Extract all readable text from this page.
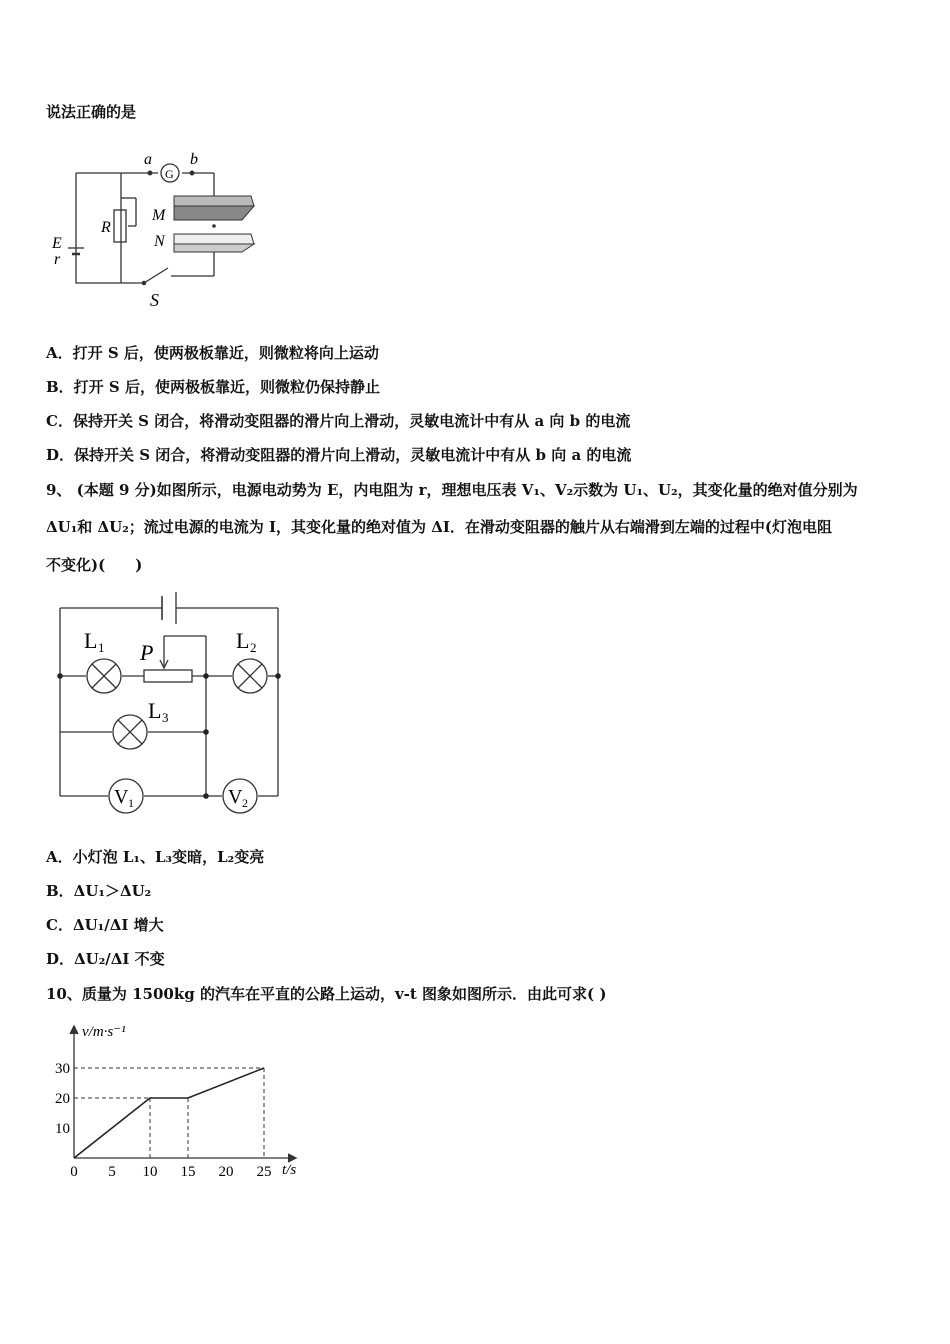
说法正确的是
a b
G
M
N
R
E
r
S
A．打开 S 后，使两极板靠近，则微粒将向上运动
B．打开 S 后，使两极板靠近，则微粒仍保持静止
C．保持开关 S 闭合，将滑动变阻器的滑片向上滑动，灵敏电流计中有从 a 向 b 的电流
D．保持开关 S 闭合，将滑动变阻器的滑片向上滑动，灵敏电流计中有从 b 向 a 的电流
9、 (本题 9 分)如图所示，电源电动势为 E，内电阻为 r，理想电压表 V₁、V₂示数为 U₁、U₂，其变化量的绝对值分别为
ΔU₁和 ΔU₂；流过电源的电流为 I，其变化量的绝对值为 ΔI．在滑动变阻器的触片从右端滑到左端的过程中(灯泡电阻
不变化)(　　)
L 1	L 2
L 3
P
V 1	V 2
A．小灯泡 L₁、L₃变暗，L₂变亮
B．ΔU₁＞ΔU₂
C．ΔU₁/ΔI 增大
D．ΔU₂/ΔI 不变
10、质量为 1500kg 的汽车在平直的公路上运动，v-t 图象如图所示．由此可求( )
0 5 10 15 20 25
10
20
30
v/m·s⁻¹
t/s
